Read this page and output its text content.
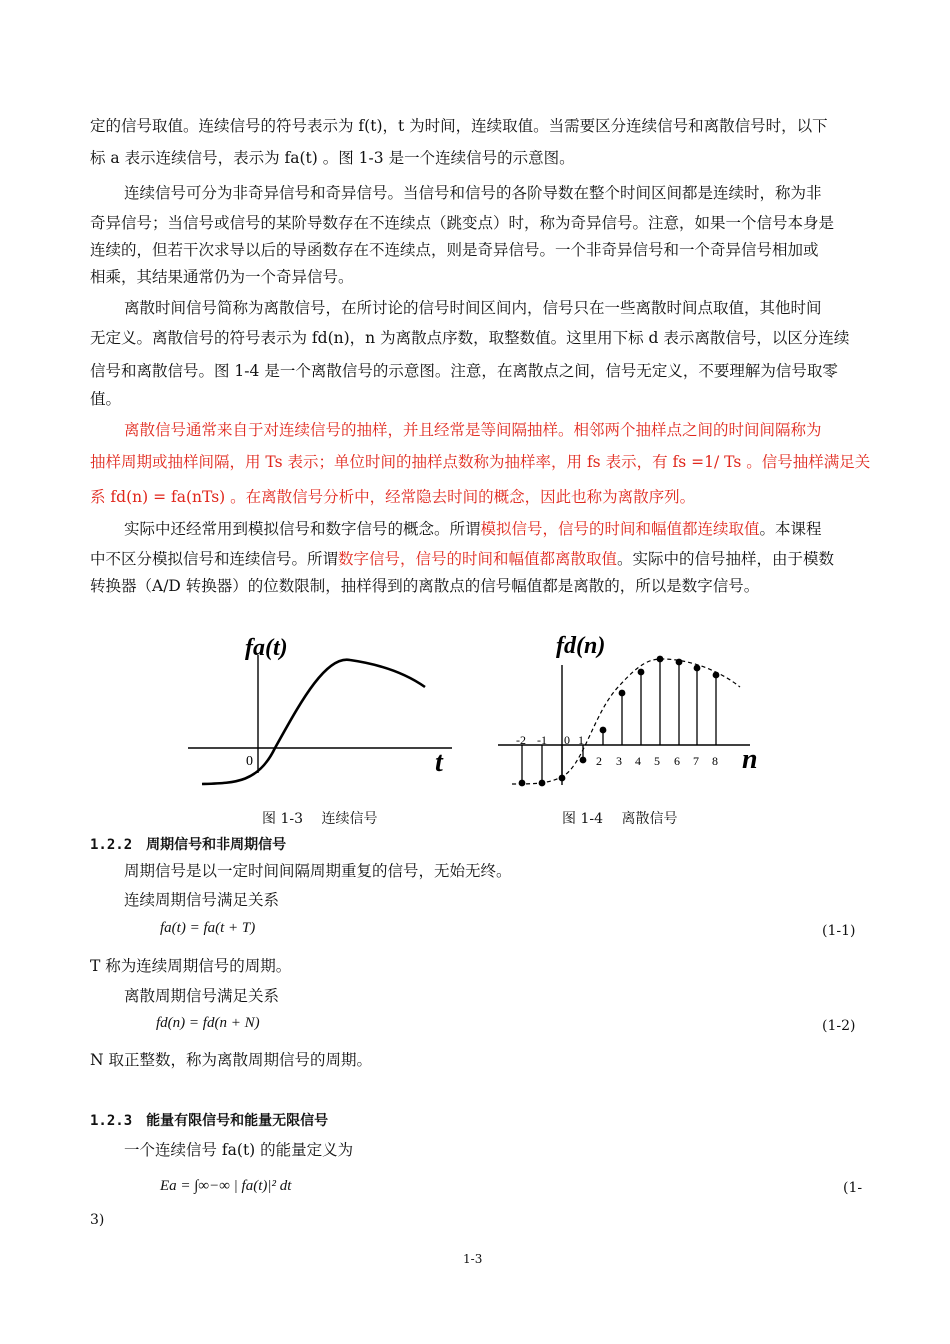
定的信号取值。连续信号的符号表示为 f(t)，t 为时间，连续取值。当需要区分连续信号和离散信号时，以下
标 a 表示连续信号，表示为 fa(t) 。图 1-3 是一个连续信号的示意图。
连续信号可分为非奇异信号和奇异信号。当信号和信号的各阶导数在整个时间区间都是连续时，称为非
奇异信号；当信号或信号的某阶导数存在不连续点（跳变点）时，称为奇异信号。注意，如果一个信号本身是
连续的，但若干次求导以后的导函数存在不连续点，则是奇异信号。一个非奇异信号和一个奇异信号相加或
相乘，其结果通常仍为一个奇异信号。
离散时间信号简称为离散信号，在所讨论的信号时间区间内，信号只在一些离散时间点取值，其他时间
无定义。离散信号的符号表示为 fd(n)，n 为离散点序数，取整数值。这里用下标 d 表示离散信号，以区分连续
信号和离散信号。图 1-4 是一个离散信号的示意图。注意，在离散点之间，信号无定义，不要理解为信号取零
值。
离散信号通常来自于对连续信号的抽样，并且经常是等间隔抽样。相邻两个抽样点之间的时间间隔称为
抽样周期或抽样间隔，用 Ts 表示；单位时间的抽样点数称为抽样率，用 fs 表示，有 fs =1/ Ts 。信号抽样满足关
系 fd(n) = fa(nTs) 。在离散信号分析中，经常隐去时间的概念，因此也称为离散序列。
实际中还经常用到模拟信号和数字信号的概念。所谓模拟信号，信号的时间和幅值都连续取值。本课程
中不区分模拟信号和连续信号。所谓数字信号，信号的时间和幅值都离散取值。实际中的信号抽样，由于模数
转换器（A/D 转换器）的位数限制，抽样得到的离散点的信号幅值都是离散的，所以是数字信号。
fa(t)
t
0
fd(n)
n
-2 -1 0 1
2 3 4 5 6 7 8
图 1-3　 连续信号	图 1-4　 离散信号
1.2.2　周期信号和非周期信号
周期信号是以一定时间间隔周期重复的信号，无始无终。
连续周期信号满足关系
fa(t) = fa(t + T)	(1-1)
T 称为连续周期信号的周期。
离散周期信号满足关系
fd(n) = fd(n + N)	(1-2)
N 取正整数，称为离散周期信号的周期。
1.2.3　能量有限信号和能量无限信号
一个连续信号 fa(t) 的能量定义为
Ea = ∫∞−∞ | fa(t)|² dt	(1-
3)
1-3
